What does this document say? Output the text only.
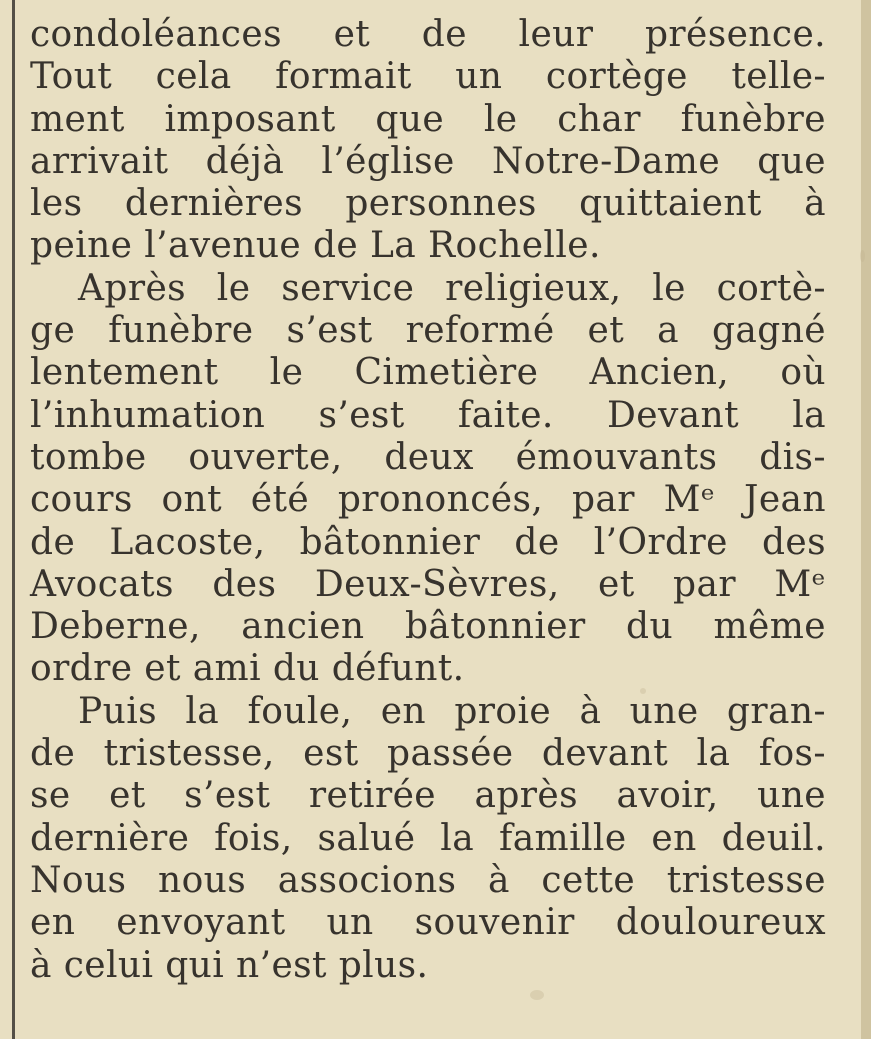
condoléances et de leur présence.
Tout cela formait un cortège telle-
ment imposant que le char funèbre
arrivait déjà l’église Notre-Dame que
les dernières personnes quittaient à
peine l’avenue de La Rochelle.
Après le service religieux, le cortè-
ge funèbre s’est reformé et a gagné
lentement le Cimetière Ancien, où
l’inhumation s’est faite. Devant la
tombe ouverte, deux émouvants dis-
cours ont été prononcés, par Mᵉ Jean
de Lacoste, bâtonnier de l’Ordre des
Avocats des Deux-Sèvres, et par Mᵉ
Deberne, ancien bâtonnier du même
ordre et ami du défunt.
Puis la foule, en proie à une gran-
de tristesse, est passée devant la fos-
se et s’est retirée après avoir, une
dernière fois, salué la famille en deuil.
Nous nous associons à cette tristesse
en envoyant un souvenir douloureux
à celui qui n’est plus.
